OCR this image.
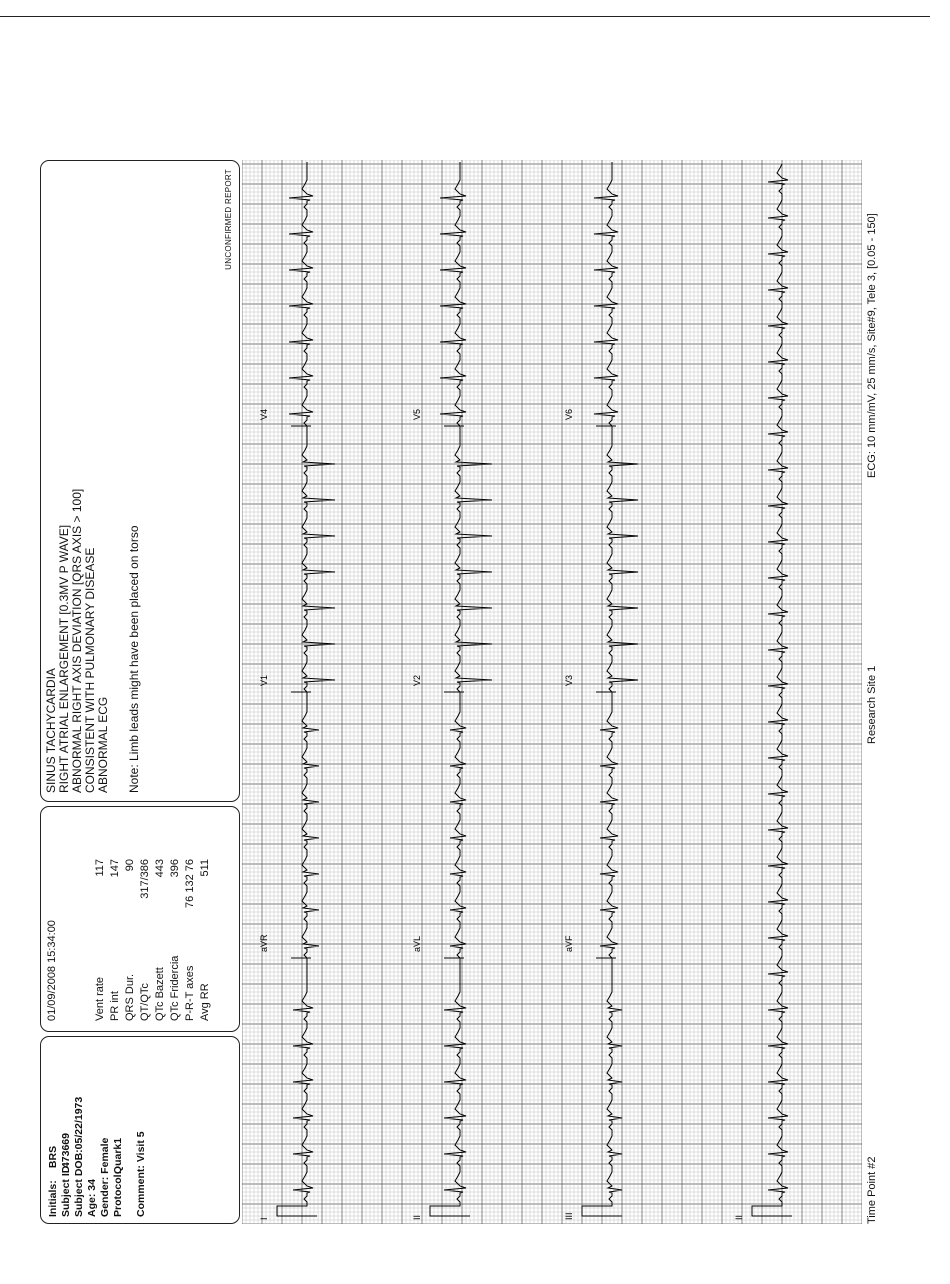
Initials: BRS
Subject ID: 473669 Subject DOB:05/22/1973
Age: 34 Gender: Female
Protocol: Quark1 Comment: Visit 5
01/09/2008 15:34:00	Vent rate
117
PR int
147
QRS Dur.
90
QT/QTc
317/386
QTc Bazett
443
QTc Fridercia
396
P-R-T axes
76 132 76
Avg RR
511
SINUS TACHYCARDIA RIGHT ATRIAL ENLARGEMENT [0.3MV P WAVE] ABNORMAL RIGHT AXIS DEVIATION [QRS AXIS > 100] CONSISTENT WITH PULMONARY DISEASE ABNORMAL ECG Note: Limb leads might have been placed on torso
UNCONFIRMED REPORT
I
aVR
V1
V4
II
aVL
V2
V5
III
aVF
V3
V6
II	Time Point #2
Research Site 1
ECG: 10 mm/mV, 25 mm/s, Site#9, Tele 3, [0.05 - 150]
